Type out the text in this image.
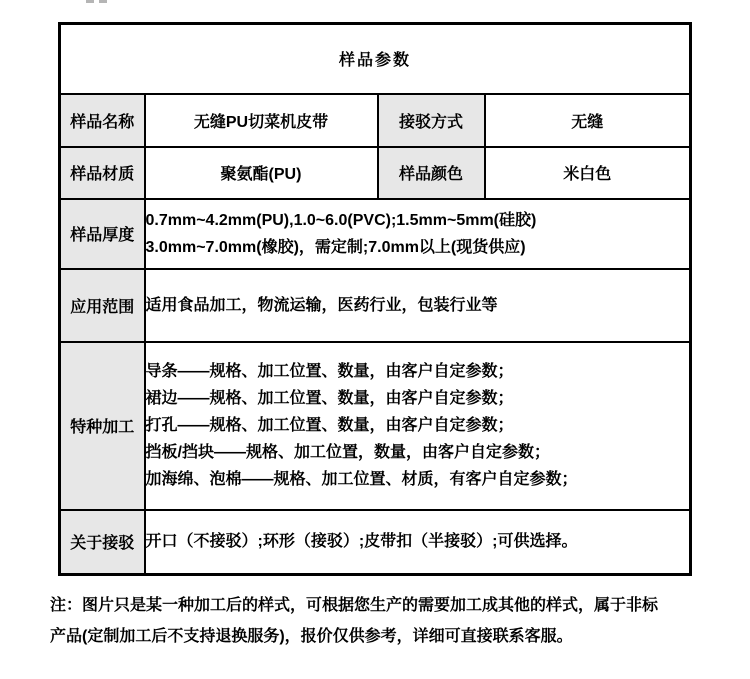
样品参数			
样品名称	无缝PU切菜机皮带	接驳方式	无缝
样品材质	聚氨酯(PU)	样品颜色	米白色
样品厚度	0.7mm~4.2mm(PU),1.0~6.0(PVC);1.5mm~5mm(硅胶)
3.0mm~7.0mm(橡胶)，需定制;7.0mm以上(现货供应)		

应用范围	适用食品加工，物流运输，医药行业，包装行业等		

特种加工	导条——规格、加工位置、数量，由客户自定参数；
裙边——规格、加工位置、数量，由客户自定参数；
打孔——规格、加工位置、数量，由客户自定参数；
挡板/挡块——规格、加工位置，数量，由客户自定参数；
加海绵、泡棉——规格、加工位置、材质，有客户自定参数；		

关于接驳	开口（不接驳）;环形（接驳）;皮带扣（半接驳）;可供选择。		
注：图片只是某一种加工后的样式，可根据您生产的需要加工成其他的样式，属于非标
产品(定制加工后不支持退换服务)，报价仅供参考，详细可直接联系客服。
